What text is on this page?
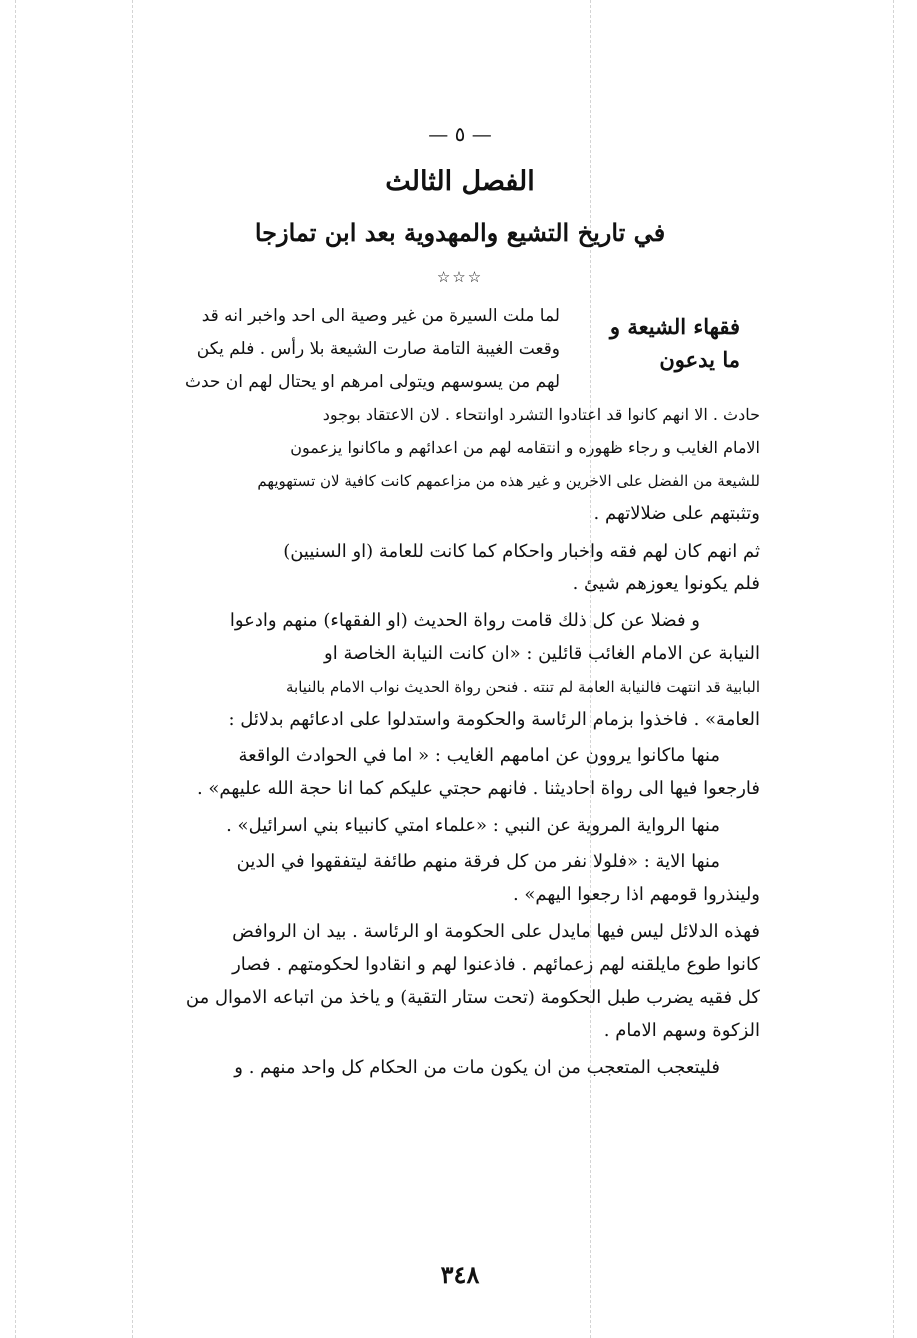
— ٥ —
الفصل الثالث
في تاريخ التشيع والمهدوية بعد ابن تمازجا
☆☆☆
فقهاء الشيعة و
ما يدعون
لما ملت السيرة من غير وصية الى احد واخبر انه قد
وقعت الغيبة التامة صارت الشيعة بلا رأس . فلم يكن
لهم من يسوسهم ويتولى امرهم او يحتال لهم ان حدث
حادث . الا انهم كانوا قد اعتادوا التشرد اوانتحاء . لان الاعتقاد بوجود
الامام الغايب و رجاء ظهوره و انتقامه لهم من اعدائهم و ماكانوا يزعمون
للشيعة من الفضل على الاخرين و غير هذه من مزاعمهم كانت كافية لان تستهويهم
وتثبتهم على ضلالاتهم .
ثم انهم كان لهم فقه واخبار واحكام كما كانت للعامة (او السنيين)
فلم يكونوا يعوزهم شيئ .
و فضلا عن كل ذلك قامت رواة الحديث (او الفقهاء) منهم وادعوا
النيابة عن الامام الغائب قائلين : «ان كانت النيابة الخاصة او
البابية قد انتهت فالنيابة العامة لم تنته . فنحن رواة الحديث نواب الامام بالنيابة
العامة» . فاخذوا بزمام الرئاسة والحكومة واستدلوا على ادعائهم بدلائل :
منها ماكانوا يروون عن امامهم الغايب : « اما في الحوادث الواقعة
فارجعوا فيها الى رواة احاديثنا . فانهم حجتي عليكم كما انا حجة الله عليهم» .
منها الرواية المروية عن النبي : «علماء امتي كانبياء بني اسرائيل» .
منها الاية : «فلولا نفر من كل فرقة منهم طائفة ليتفقهوا في الدين
ولينذروا قومهم اذا رجعوا اليهم» .
فهذه الدلائل ليس فيها مايدل على الحكومة او الرئاسة . بيد ان الروافض
كانوا طوع مايلقنه لهم زعمائهم . فاذعنوا لهم و انقادوا لحكومتهم . فصار
كل فقيه يضرب طبل الحكومة (تحت ستار التقية) و ياخذ من اتباعه الاموال من
الزكوة وسهم الامام .
فليتعجب المتعجب من ان يكون مات من الحكام كل واحد منهم . و
٣٤٨
